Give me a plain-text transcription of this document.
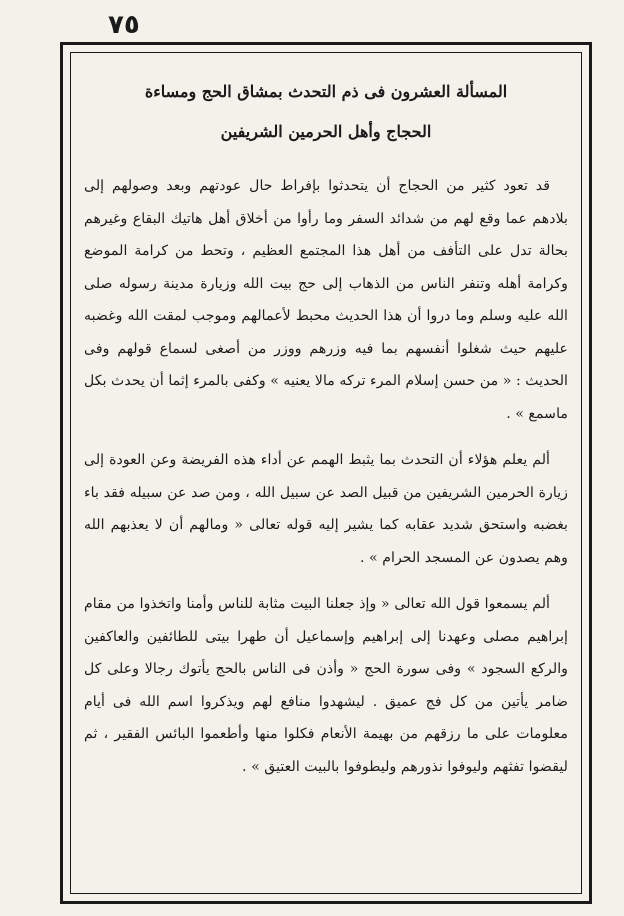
٧٥
المسألة العشرون فى ذم التحدث بمشاق الحج ومساءة
الحجاج وأهل الحرمين الشريفين

قد تعود كثير من الحجاج أن يتحدثوا بإفراط حال عودتهم وبعد وصولهم إلى بلادهم عما وقع لهم من شدائد السفر وما رأوا من أخلاق أهل هاتيك البقاع وغيرهم بحالة تدل على التأفف من أهل هذا المجتمع العظيم ، وتحط من كرامة الموضع وكرامة أهله وتنفر الناس من الذهاب إلى حج بيت الله وزيارة مدينة رسوله صلى الله عليه وسلم وما دروا أن هذا الحديث محبط لأعمالهم وموجب لمقت الله وغضبه عليهم حيث شغلوا أنفسهم بما فيه وزرهم ووزر من أصغى لسماع قولهم وفى الحديث : « من حسن إسلام المرء تركه مالا يعنيه » وكفى بالمرء إثما أن يحدث بكل ماسمع » .

ألم يعلم هؤلاء أن التحدث بما يثبط الهمم عن أداء هذه الفريضة وعن العودة إلى زيارة الحرمين الشريفين من قبيل الصد عن سبيل الله ، ومن صد عن سبيله فقد باء بغضبه واستحق شديد عقابه كما يشير إليه قوله تعالى « ومالهم أن لا يعذبهم الله وهم يصدون عن المسجد الحرام » .

ألم يسمعوا قول الله تعالى « وإذ جعلنا البيت مثابة للناس وأمنا واتخذوا من مقام إبراهيم مصلى وعهدنا إلى إبراهيم وإسماعيل أن طهرا بيتى للطائفين والعاكفين والركع السجود » وفى سورة الحج « وأذن فى الناس بالحج يأتوك رجالا وعلى كل ضامر يأتين من كل فج عميق . ليشهدوا منافع لهم ويذكروا اسم الله فى أيام معلومات على ما رزقهم من بهيمة الأنعام فكلوا منها وأطعموا البائس الفقير ، ثم ليقضوا تفثهم وليوفوا نذورهم وليطوفوا بالبيت العتيق » .
